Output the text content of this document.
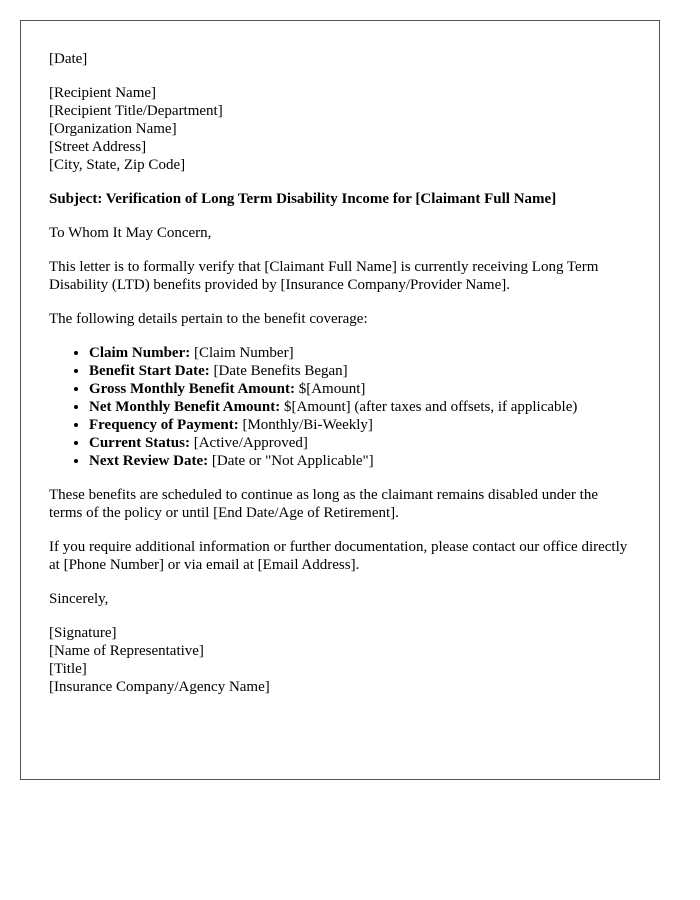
[Date]
[Recipient Name]
[Recipient Title/Department]
[Organization Name]
[Street Address]
[City, State, Zip Code]

Subject: Verification of Long Term Disability Income for [Claimant Full Name]

To Whom It May Concern,

This letter is to formally verify that [Claimant Full Name] is currently receiving Long Term Disability (LTD) benefits provided by [Insurance Company/Provider Name].

The following details pertain to the benefit coverage:

• Claim Number: [Claim Number]
• Benefit Start Date: [Date Benefits Began]
• Gross Monthly Benefit Amount: $[Amount]
• Net Monthly Benefit Amount: $[Amount] (after taxes and offsets, if applicable)
• Frequency of Payment: [Monthly/Bi-Weekly]
• Current Status: [Active/Approved]
• Next Review Date: [Date or "Not Applicable"]

These benefits are scheduled to continue as long as the claimant remains disabled under the terms of the policy or until [End Date/Age of Retirement].

If you require additional information or further documentation, please contact our office directly at [Phone Number] or via email at [Email Address].

Sincerely,

[Signature]
[Name of Representative]
[Title]
[Insurance Company/Agency Name]
